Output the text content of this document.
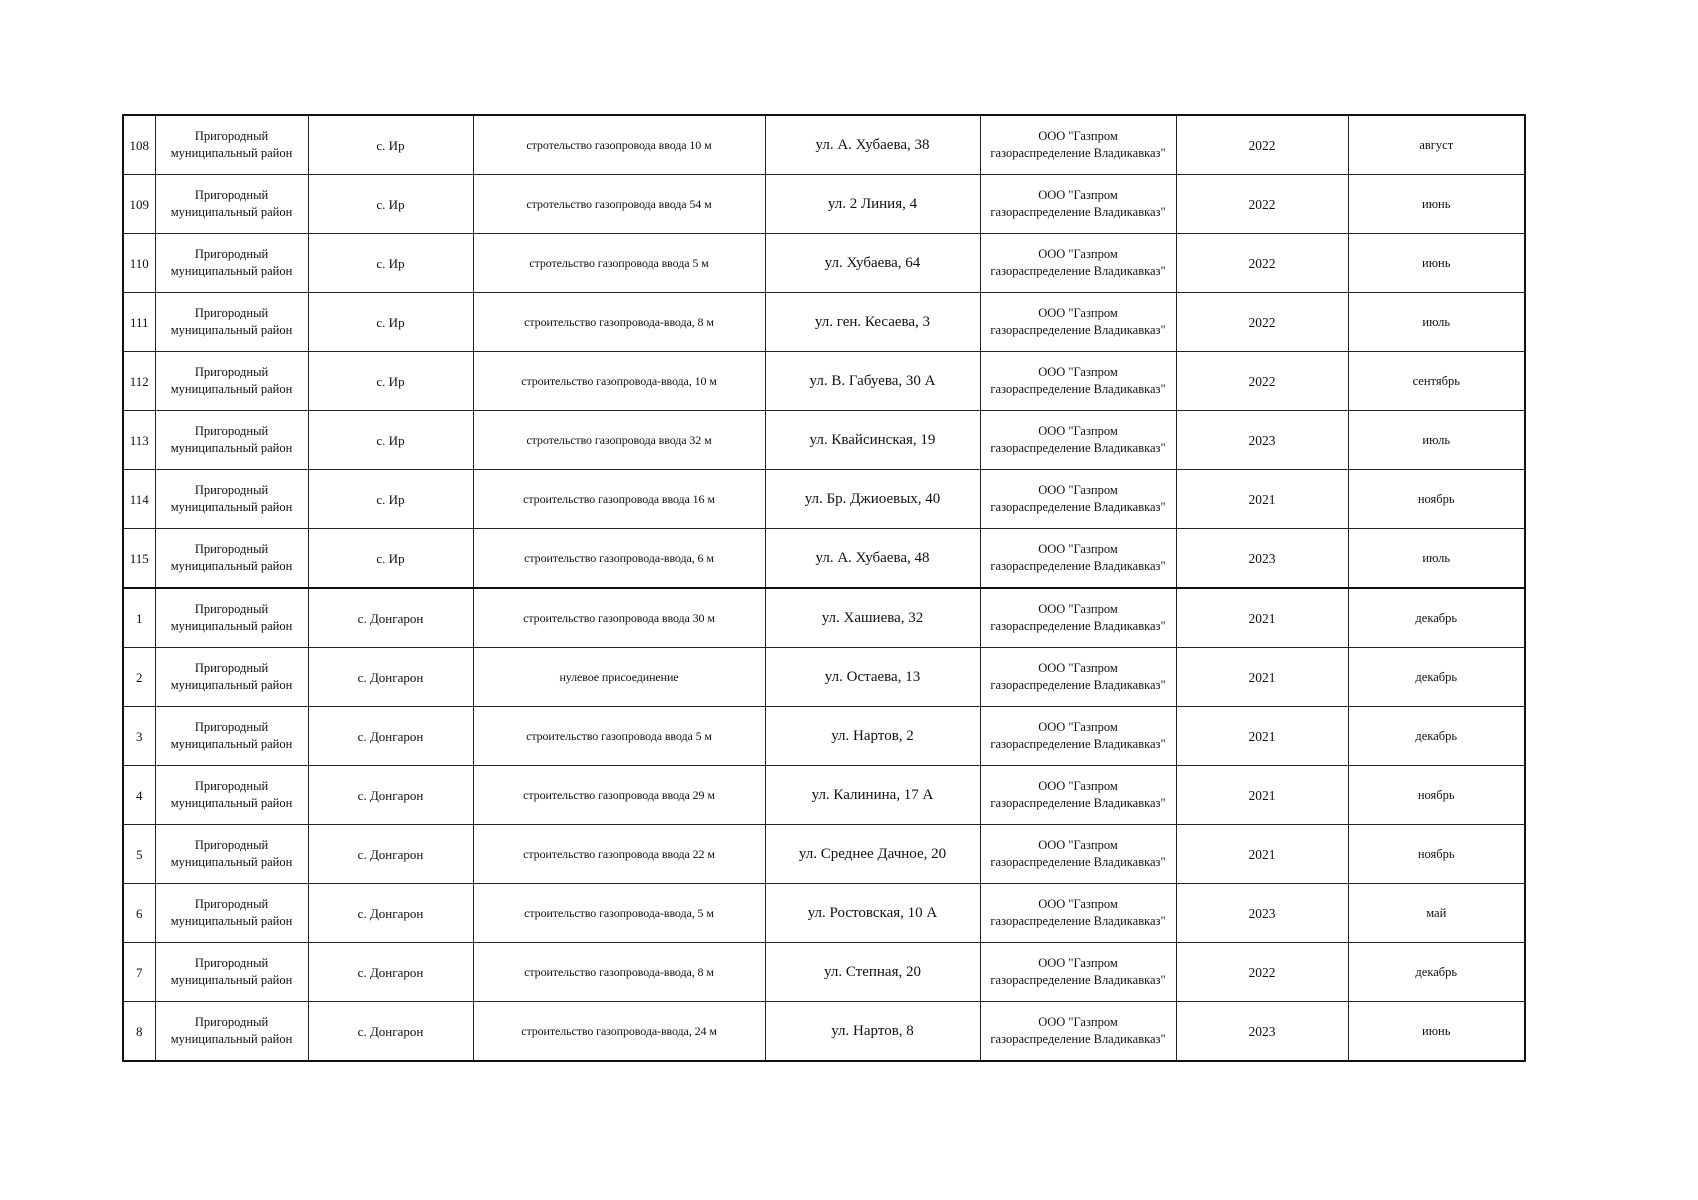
108	Пригородный
муниципальный район	с. Ир	стротельство газопровода ввода 10 м	ул. А. Хубаева, 38	ООО "Газпром
газораспределение Владикавказ"	2022	август

109	Пригородный
муниципальный район	с. Ир	стротельство газопровода ввода 54 м	ул. 2 Линия, 4	ООО "Газпром
газораспределение Владикавказ"	2022	июнь

110	Пригородный
муниципальный район	с. Ир	стротельство газопровода ввода 5 м	ул. Хубаева, 64	ООО "Газпром
газораспределение Владикавказ"	2022	июнь

111	Пригородный
муниципальный район	с. Ир	строительство газопровода-ввода, 8 м	ул. ген. Кесаева, 3	ООО "Газпром
газораспределение Владикавказ"	2022	июль

112	Пригородный
муниципальный район	с. Ир	строительство газопровода-ввода, 10 м	ул. В. Габуева, 30 А	ООО "Газпром
газораспределение Владикавказ"	2022	сентябрь

113	Пригородный
муниципальный район	с. Ир	стротельство газопровода ввода 32 м	ул. Квайсинская, 19	ООО "Газпром
газораспределение Владикавказ"	2023	июль

114	Пригородный
муниципальный район	с. Ир	строительство газопровода ввода 16 м	ул. Бр. Джиоевых, 40	ООО "Газпром
газораспределение Владикавказ"	2021	ноябрь

115	Пригородный
муниципальный район	с. Ир	строительство газопровода-ввода, 6 м	ул. А. Хубаева, 48	ООО "Газпром
газораспределение Владикавказ"	2023	июль

1	Пригородный
муниципальный район	с. Донгарон	строительство газопровода ввода 30 м	ул. Хашиева, 32	ООО "Газпром
газораспределение Владикавказ"	2021	декабрь

2	Пригородный
муниципальный район	с. Донгарон	нулевое присоединение	ул. Остаева, 13	ООО "Газпром
газораспределение Владикавказ"	2021	декабрь

3	Пригородный
муниципальный район	с. Донгарон	строительство газопровода ввода 5 м	ул. Нартов, 2	ООО "Газпром
газораспределение Владикавказ"	2021	декабрь

4	Пригородный
муниципальный район	с. Донгарон	строительство газопровода ввода 29 м	ул. Калинина, 17 А	ООО "Газпром
газораспределение Владикавказ"	2021	ноябрь

5	Пригородный
муниципальный район	с. Донгарон	строительство газопровода ввода 22 м	ул. Среднее Дачное, 20	ООО "Газпром
газораспределение Владикавказ"	2021	ноябрь

6	Пригородный
муниципальный район	с. Донгарон	строительство газопровода-ввода, 5 м	ул. Ростовская, 10 А	ООО "Газпром
газораспределение Владикавказ"	2023	май

7	Пригородный
муниципальный район	с. Донгарон	строительство газопровода-ввода, 8 м	ул. Степная, 20	ООО "Газпром
газораспределение Владикавказ"	2022	декабрь

8	Пригородный
муниципальный район	с. Донгарон	строительство газопровода-ввода, 24 м	ул. Нартов, 8	ООО "Газпром
газораспределение Владикавказ"	2023	июнь
